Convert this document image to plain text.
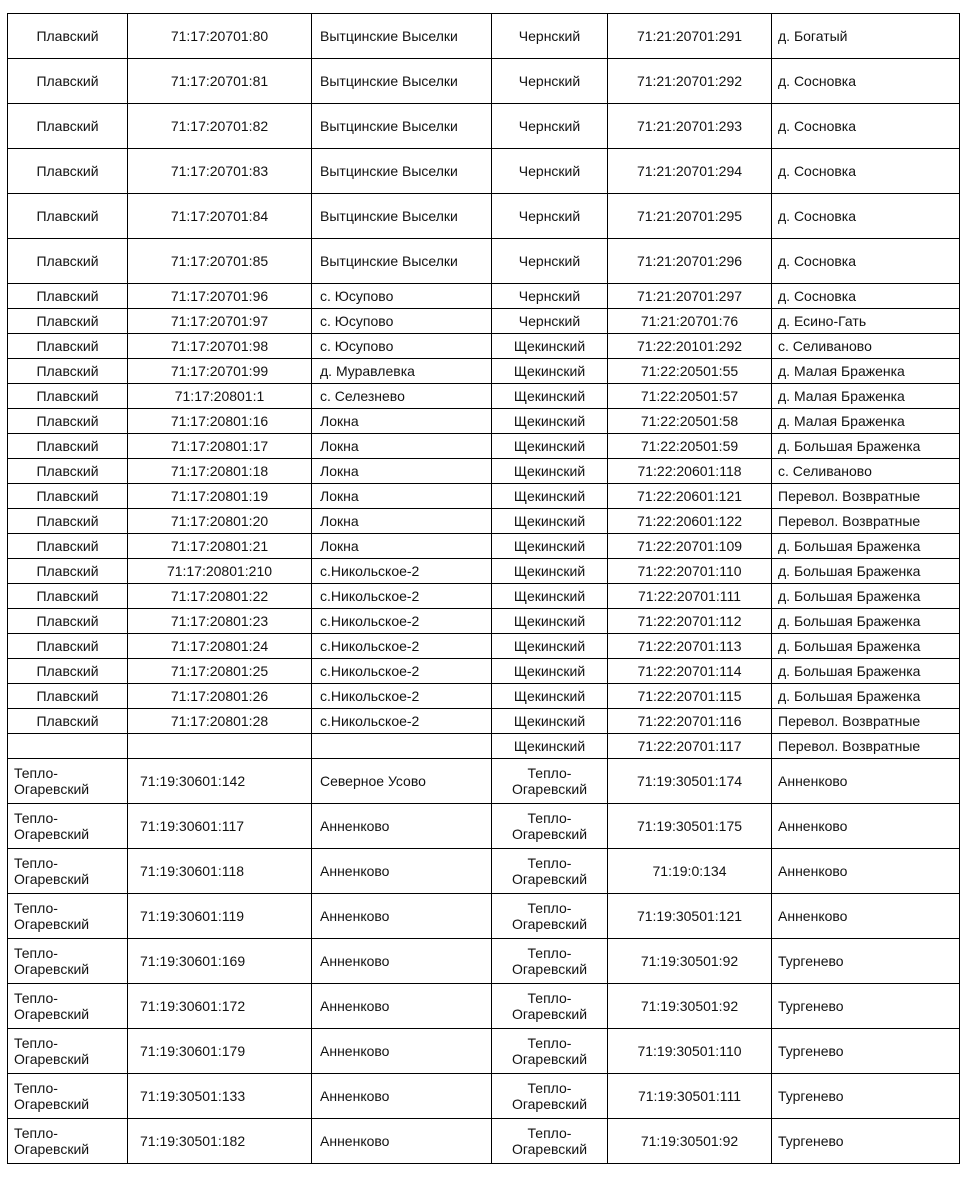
Плавский	71:17:20701:80	Вытцинские Выселки	Чернский	71:21:20701:291	д. Богатый
Плавский	71:17:20701:81	Вытцинские Выселки	Чернский	71:21:20701:292	д. Сосновка
Плавский	71:17:20701:82	Вытцинские Выселки	Чернский	71:21:20701:293	д. Сосновка
Плавский	71:17:20701:83	Вытцинские Выселки	Чернский	71:21:20701:294	д. Сосновка
Плавский	71:17:20701:84	Вытцинские Выселки	Чернский	71:21:20701:295	д. Сосновка
Плавский	71:17:20701:85	Вытцинские Выселки	Чернский	71:21:20701:296	д. Сосновка
Плавский	71:17:20701:96	с. Юсупово	Чернский	71:21:20701:297	д. Сосновка
Плавский	71:17:20701:97	с. Юсупово	Чернский	71:21:20701:76	д. Есино-Гать
Плавский	71:17:20701:98	с. Юсупово	Щекинский	71:22:20101:292	с. Селиваново
Плавский	71:17:20701:99	д. Муравлевка	Щекинский	71:22:20501:55	д. Малая Браженка
Плавский	71:17:20801:1	с. Селезнево	Щекинский	71:22:20501:57	д. Малая Браженка
Плавский	71:17:20801:16	Локна	Щекинский	71:22:20501:58	д. Малая Браженка
Плавский	71:17:20801:17	Локна	Щекинский	71:22:20501:59	д. Большая Браженка
Плавский	71:17:20801:18	Локна	Щекинский	71:22:20601:118	с. Селиваново
Плавский	71:17:20801:19	Локна	Щекинский	71:22:20601:121	Перевол. Возвратные
Плавский	71:17:20801:20	Локна	Щекинский	71:22:20601:122	Перевол. Возвратные
Плавский	71:17:20801:21	Локна	Щекинский	71:22:20701:109	д. Большая Браженка
Плавский	71:17:20801:210	с.Никольское-2	Щекинский	71:22:20701:110	д. Большая Браженка
Плавский	71:17:20801:22	с.Никольское-2	Щекинский	71:22:20701:111	д. Большая Браженка
Плавский	71:17:20801:23	с.Никольское-2	Щекинский	71:22:20701:112	д. Большая Браженка
Плавский	71:17:20801:24	с.Никольское-2	Щекинский	71:22:20701:113	д. Большая Браженка
Плавский	71:17:20801:25	с.Никольское-2	Щекинский	71:22:20701:114	д. Большая Браженка
Плавский	71:17:20801:26	с.Никольское-2	Щекинский	71:22:20701:115	д. Большая Браженка
Плавский	71:17:20801:28	с.Никольское-2	Щекинский	71:22:20701:116	Перевол. Возвратные
			Щекинский	71:22:20701:117	Перевол. Возвратные
Тепло-Огаревский	71:19:30601:142	Северное Усово	Тепло-Огаревский	71:19:30501:174	Анненково
Тепло-Огаревский	71:19:30601:117	Анненково	Тепло-Огаревский	71:19:30501:175	Анненково
Тепло-Огаревский	71:19:30601:118	Анненково	Тепло-Огаревский	71:19:0:134	Анненково
Тепло-Огаревский	71:19:30601:119	Анненково	Тепло-Огаревский	71:19:30501:121	Анненково
Тепло-Огаревский	71:19:30601:169	Анненково	Тепло-Огаревский	71:19:30501:92	Тургенево
Тепло-Огаревский	71:19:30601:172	Анненково	Тепло-Огаревский	71:19:30501:92	Тургенево
Тепло-Огаревский	71:19:30601:179	Анненково	Тепло-Огаревский	71:19:30501:110	Тургенево
Тепло-Огаревский	71:19:30501:133	Анненково	Тепло-Огаревский	71:19:30501:111	Тургенево
Тепло-Огаревский	71:19:30501:182	Анненково	Тепло-Огаревский	71:19:30501:92	Тургенево
